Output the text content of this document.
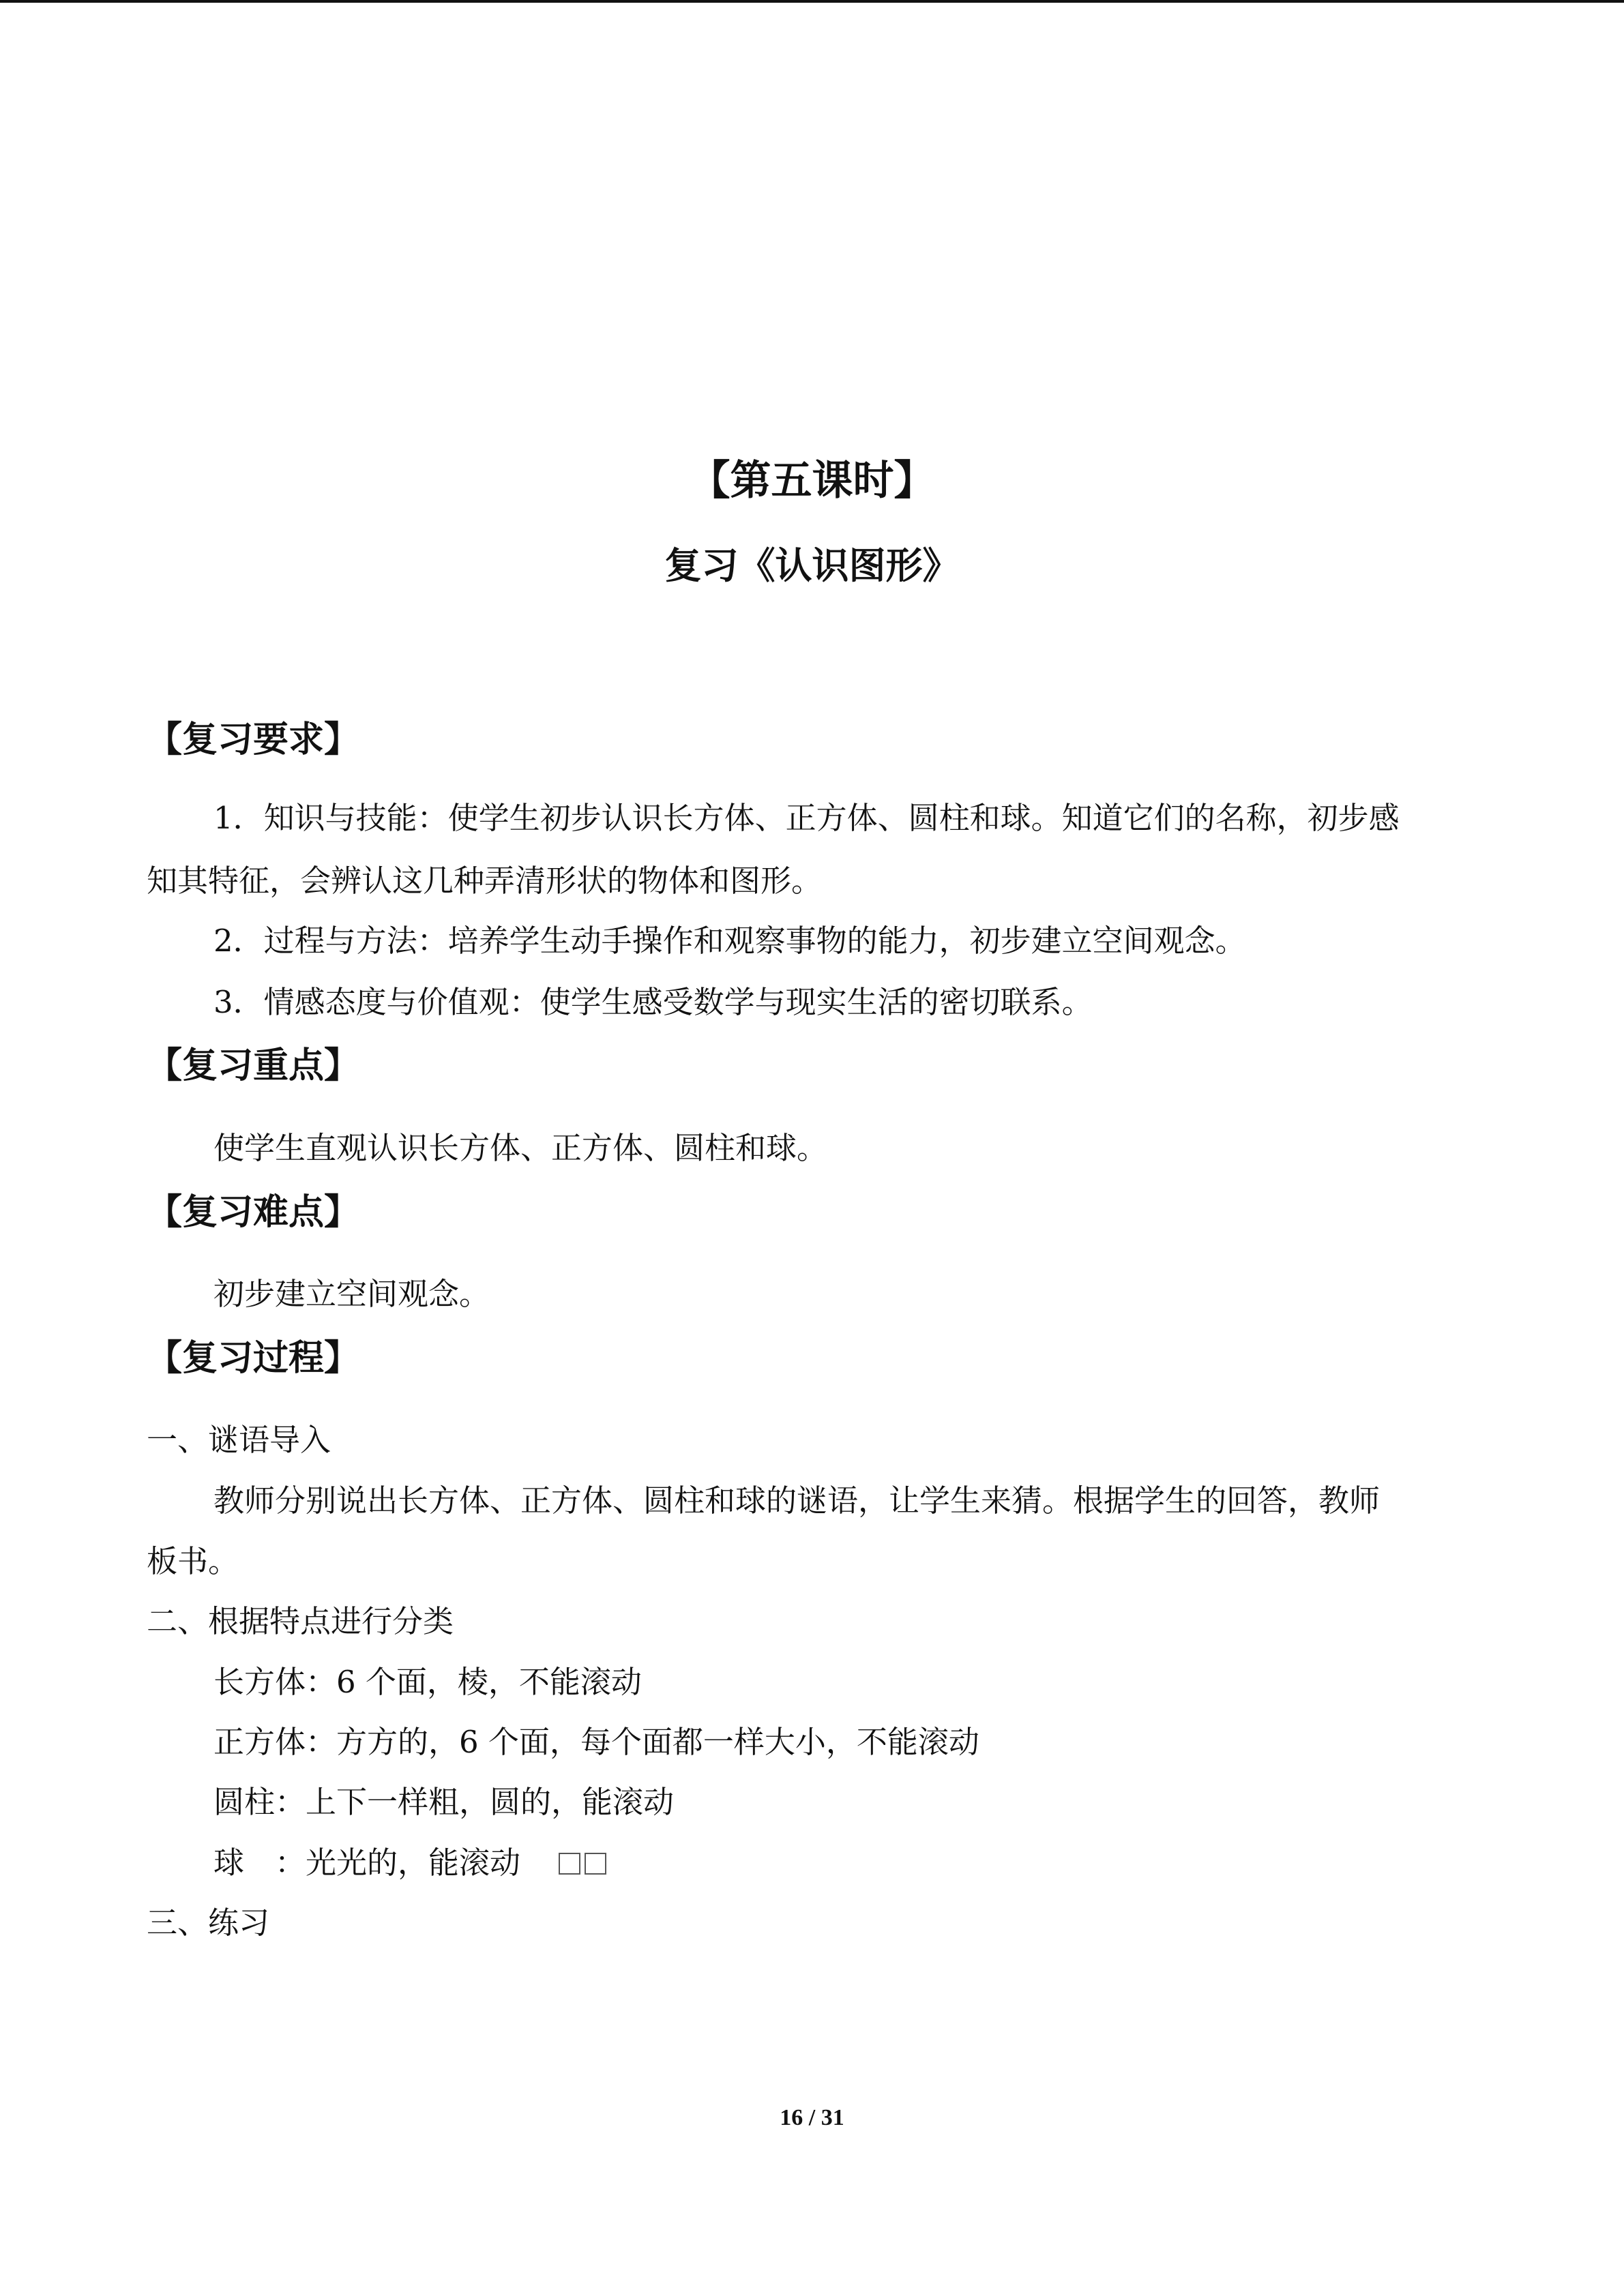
【第五课时】
复习《认识图形》
【复习要求】
1．知识与技能：使学生初步认识长方体、正方体、圆柱和球。知道它们的名称，初步感
知其特征，会辨认这几种弄清形状的物体和图形。
2．过程与方法：培养学生动手操作和观察事物的能力，初步建立空间观念。
3．情感态度与价值观：使学生感受数学与现实生活的密切联系。
【复习重点】
使学生直观认识长方体、正方体、圆柱和球。
【复习难点】
初步建立空间观念。
【复习过程】
一、谜语导入
教师分别说出长方体、正方体、圆柱和球的谜语，让学生来猜。根据学生的回答，教师
板书。
二、根据特点进行分类
长方体：6 个面，棱，不能滚动
正方体：方方的，6 个面，每个面都一样大小，不能滚动
圆柱：上下一样粗，圆的，能滚动
球　：光光的，能滚动
三、练习
16 / 31
